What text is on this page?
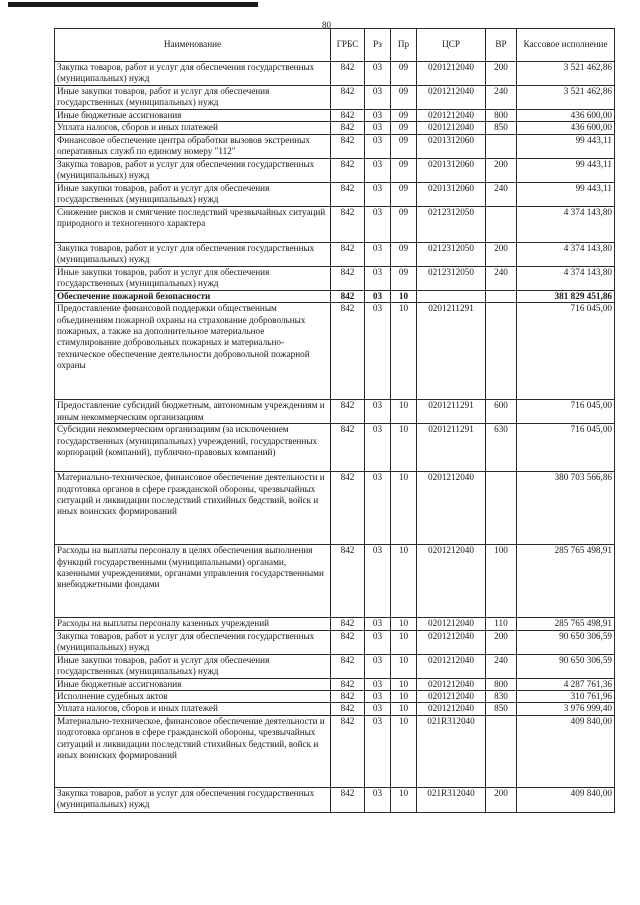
80
Наименование	ГРБС	Рз	Пр	ЦСР	ВР	Кассовое исполнение
Закупка товаров, работ и услуг для обеспечения государственных (муниципальных) нужд	842	03	09	0201212040	200	3 521 462,86
Иные закупки товаров, работ и услуг для обеспечения государственных (муниципальных) нужд	842	03	09	0201212040	240	3 521 462,86
Иные бюджетные ассигнования	842	03	09	0201212040	800	436 600,00
Уплата налогов, сборов и иных платежей	842	03	09	0201212040	850	436 600,00
Финансовое обеспечение центра обработки вызовов экстренных оперативных служб по единому номеру "112"	842	03	09	0201312060		99 443,11
Закупка товаров, работ и услуг для обеспечения государственных (муниципальных) нужд	842	03	09	0201312060	200	99 443,11
Иные закупки товаров, работ и услуг для обеспечения государственных (муниципальных) нужд	842	03	09	0201312060	240	99 443,11
Снижение рисков и смягчение последствий чрезвычайных ситуаций природного и техногенного характера	842	03	09	0212312050		4 374 143,80
Закупка товаров, работ и услуг для обеспечения государственных (муниципальных) нужд	842	03	09	0212312050	200	4 374 143,80
Иные закупки товаров, работ и услуг для обеспечения государственных (муниципальных) нужд	842	03	09	0212312050	240	4 374 143,80
Обеспечение пожарной безопасности	842	03	10			381 829 451,86
Предоставление финансовой поддержки общественным объединениям пожарной охраны на страхование добровольных пожарных, а также на дополнительное материальное стимулирование добровольных пожарных и материально-техническое обеспечение деятельности добровольной пожарной охраны	842	03	10	0201211291		716 045,00
Предоставление субсидий бюджетным, автономным учреждениям и иным некоммерческим организациям	842	03	10	0201211291	600	716 045,00
Субсидии некоммерческим организациям (за исключением государственных (муниципальных) учреждений, государственных корпораций (компаний), публично-правовых компаний)	842	03	10	0201211291	630	716 045,00
Материально-техническое, финансовое обеспечение деятельности и подготовка органов в сфере гражданской обороны, чрезвычайных ситуаций и ликвидации последствий стихийных бедствий, войск и иных воинских формирований	842	03	10	0201212040		380 703 566,86
Расходы на выплаты персоналу в целях обеспечения выполнения функций государственными (муниципальными) органами, казенными учреждениями, органами управления государственными внебюджетными фондами	842	03	10	0201212040	100	285 765 498,91
Расходы на выплаты персоналу казенных учреждений	842	03	10	0201212040	110	285 765 498,91
Закупка товаров, работ и услуг для обеспечения государственных (муниципальных) нужд	842	03	10	0201212040	200	90 650 306,59
Иные закупки товаров, работ и услуг для обеспечения государственных (муниципальных) нужд	842	03	10	0201212040	240	90 650 306,59
Иные бюджетные ассигнования	842	03	10	0201212040	800	4 287 761,36
Исполнение судебных актов	842	03	10	0201212040	830	310 761,96
Уплата налогов, сборов и иных платежей	842	03	10	0201212040	850	3 976 999,40
Материально-техническое, финансовое обеспечение деятельности и подготовка органов в сфере гражданской обороны, чрезвычайных ситуаций и ликвидации последствий стихийных бедствий, войск и иных воинских формирований	842	03	10	021R312040		409 840,00
Закупка товаров, работ и услуг для обеспечения государственных (муниципальных) нужд	842	03	10	021R312040	200	409 840,00
